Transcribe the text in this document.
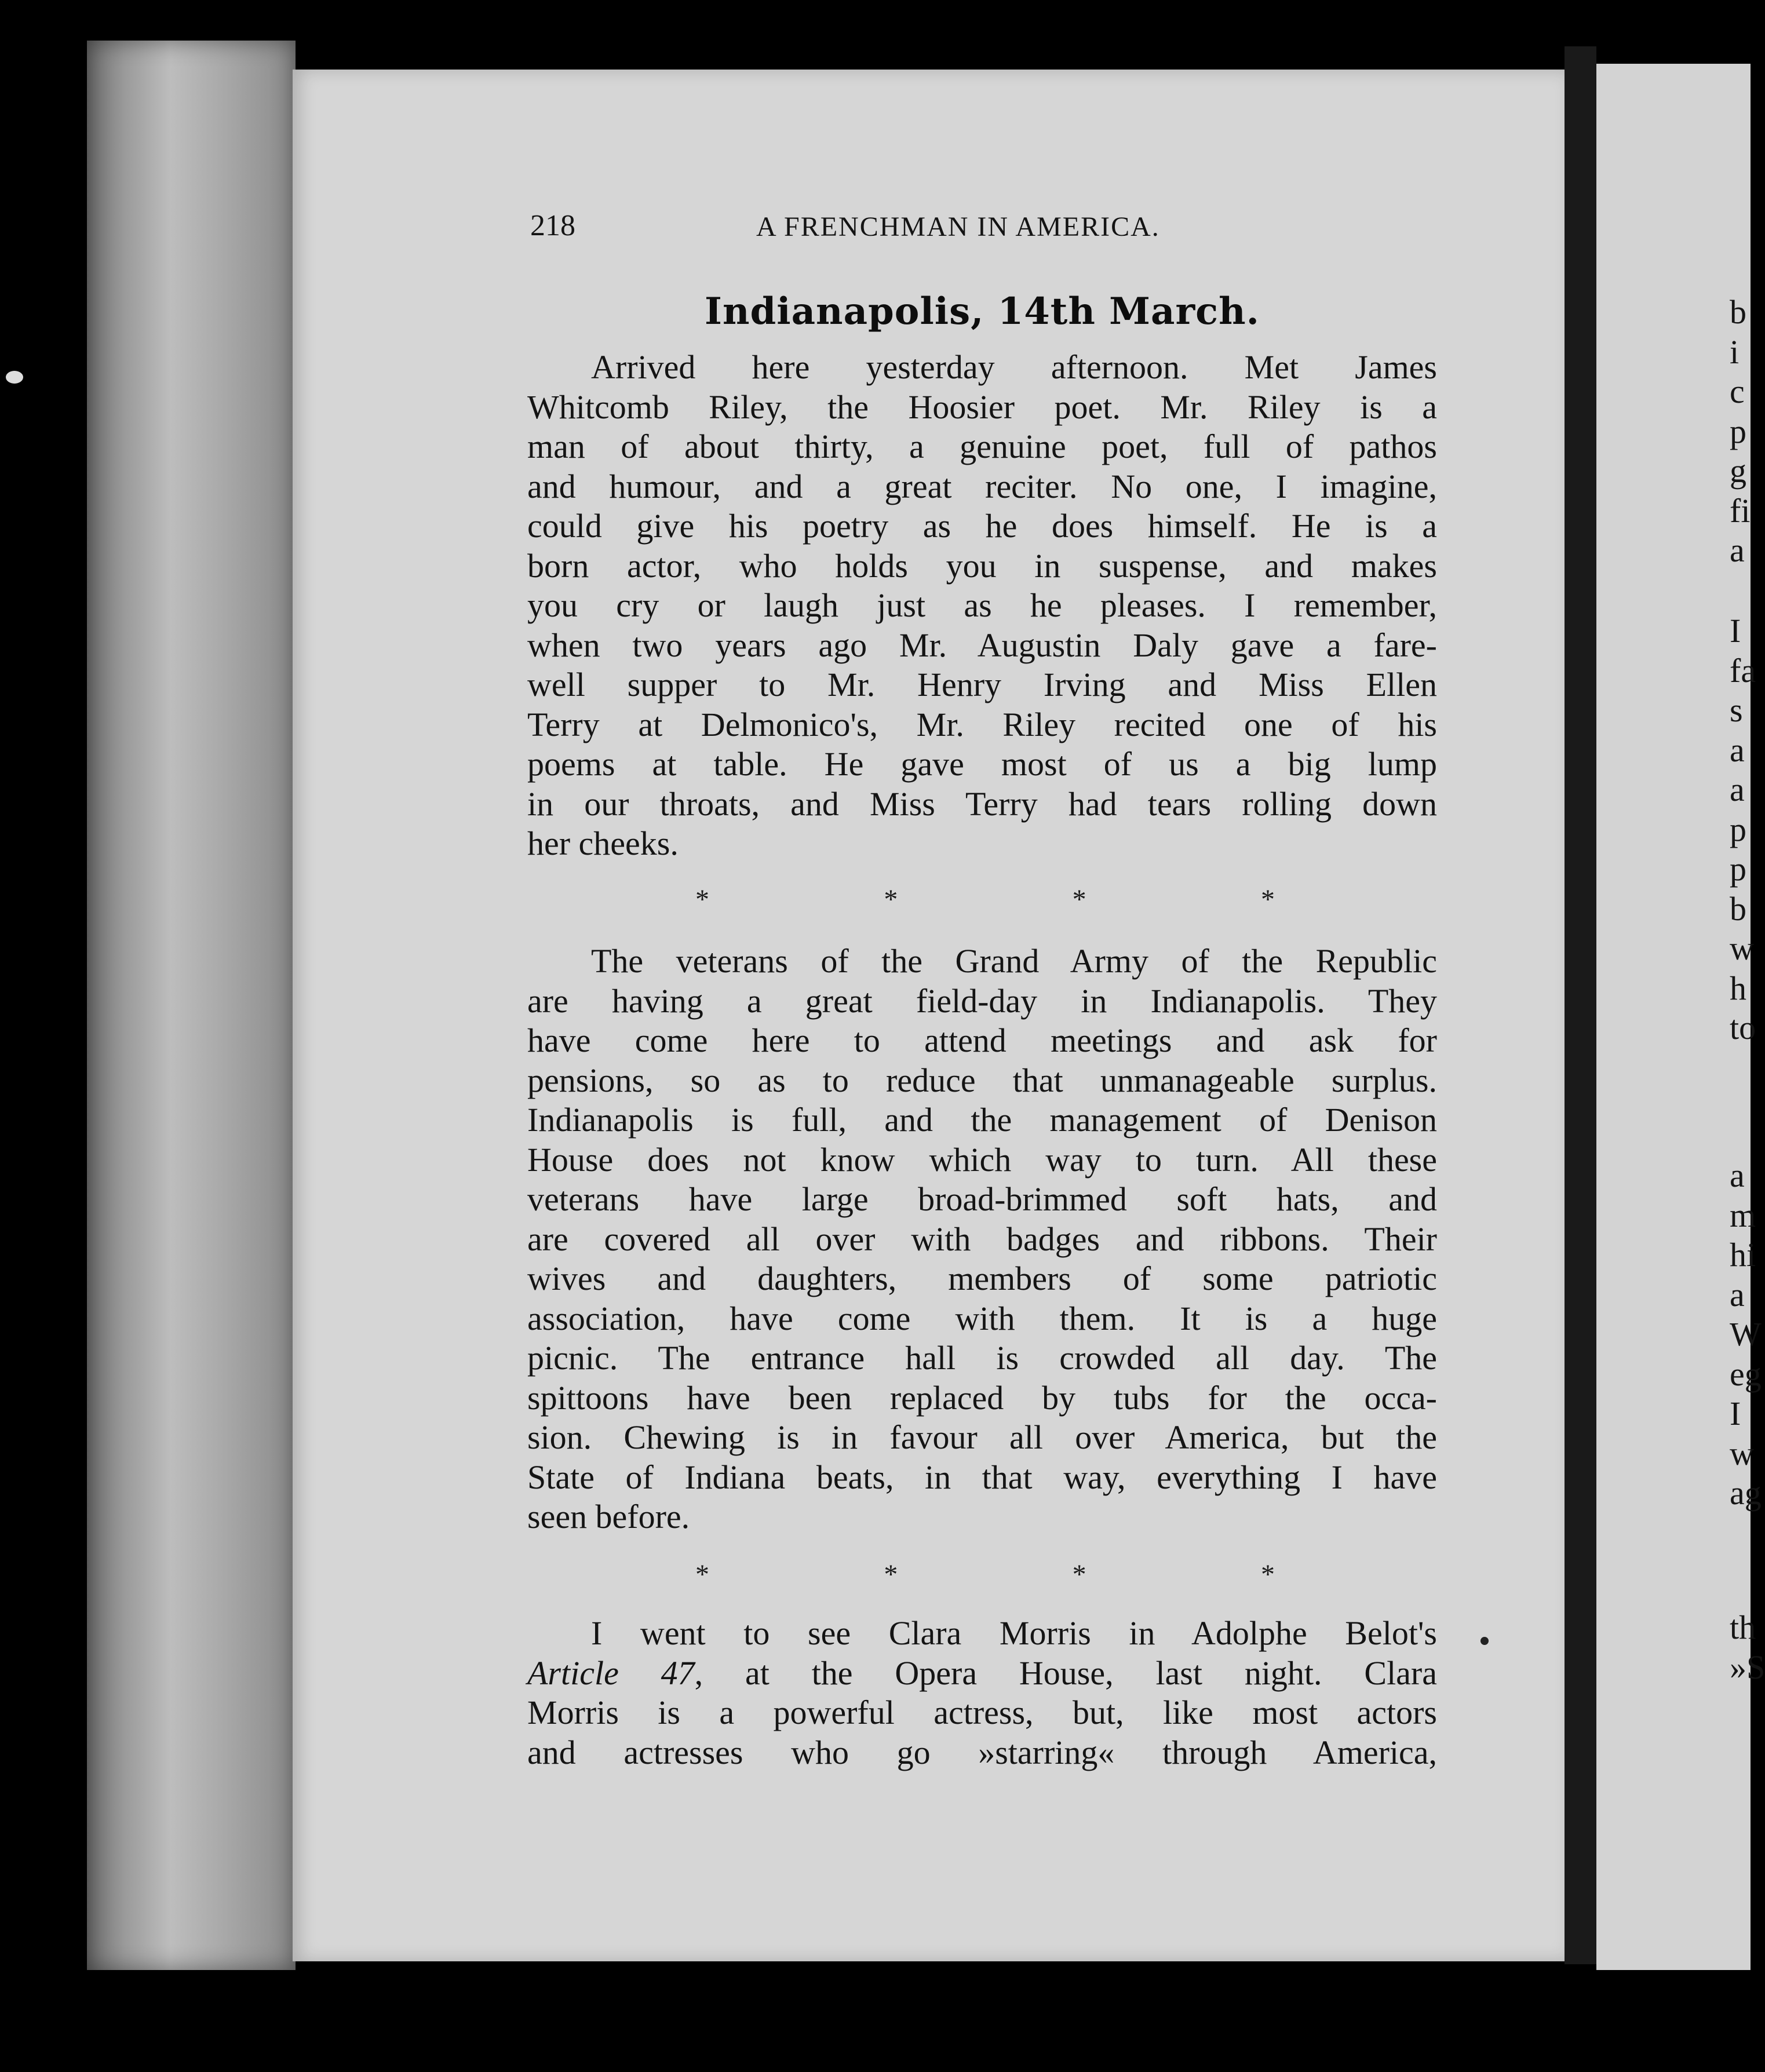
218	A FRENCHMAN IN AMERICA.
Indianapolis, 14th March.
Arrived here yesterday afternoon. Met James
Whitcomb Riley, the Hoosier poet. Mr. Riley is a
man of about thirty, a genuine poet, full of pathos
and humour, and a great reciter. No one, I imagine,
could give his poetry as he does himself. He is a
born actor, who holds you in suspense, and makes
you cry or laugh just as he pleases. I remember,
when two years ago Mr. Augustin Daly gave a fare-
well supper to Mr. Henry Irving and Miss Ellen
Terry at Delmonico's, Mr. Riley recited one of his
poems at table. He gave most of us a big lump
in our throats, and Miss Terry had tears rolling down
her cheeks.
*	*	*	*
The veterans of the Grand Army of the Republic
are having a great field-day in Indianapolis. They
have come here to attend meetings and ask for
pensions, so as to reduce that unmanageable surplus.
Indianapolis is full, and the management of Denison
House does not know which way to turn. All these
veterans have large broad-brimmed soft hats, and
are covered all over with badges and ribbons. Their
wives and daughters, members of some patriotic
association, have come with them. It is a huge
picnic. The entrance hall is crowded all day. The
spittoons have been replaced by tubs for the occa-
sion. Chewing is in favour all over America, but the
State of Indiana beats, in that way, everything I have
seen before.
*	*	*	*
I went to see Clara Morris in Adolphe Belot's
Article 47, at the Opera House, last night. Clara
Morris is a powerful actress, but, like most actors
and actresses who go »starring« through America,
b
i
c
p
g
fi
a
I
fa
s
a
a
p
p
b
w
h
to
a
m
hi
a
W
eg
I
w
ag
th
»S
